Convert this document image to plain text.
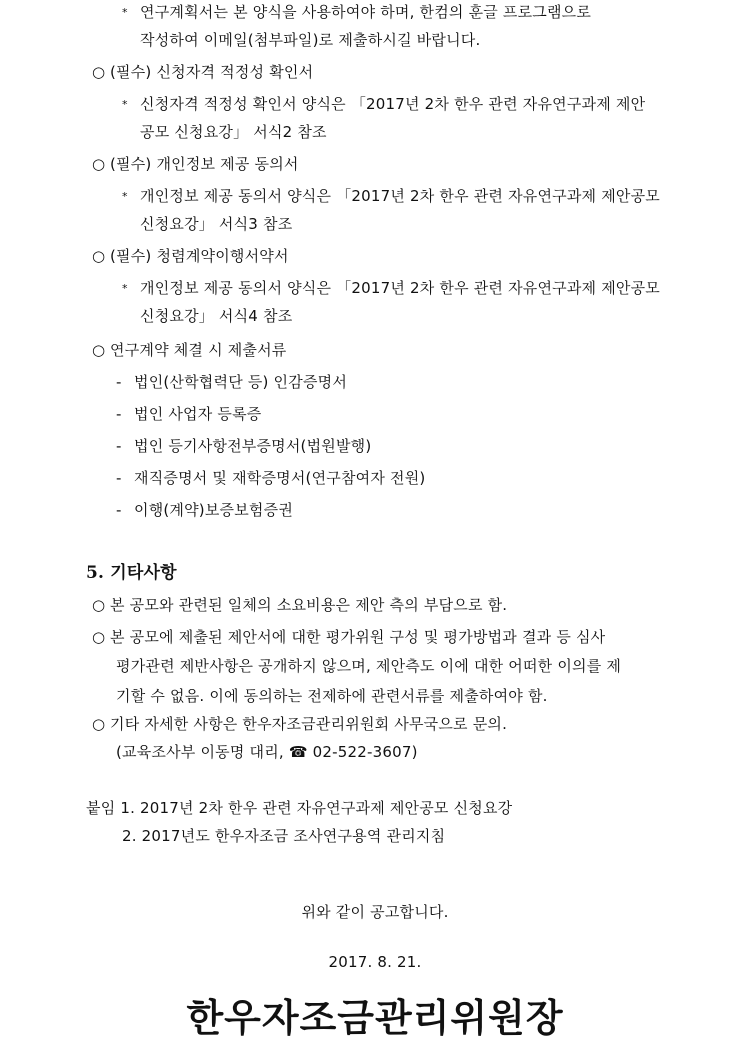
* 연구계획서는 본 양식을 사용하여야 하며, 한컴의 훈글 프로그램으로
작성하여 이메일(첨부파일)로 제출하시길 바랍니다.
○ (필수) 신청자격 적정성 확인서
* 신청자격 적정성 확인서 양식은 「2017년 2차 한우 관련 자유연구과제 제안
공모 신청요강」 서식2 참조
○ (필수) 개인정보 제공 동의서
* 개인정보 제공 동의서 양식은 「2017년 2차 한우 관련 자유연구과제 제안공모
신청요강」 서식3 참조
○ (필수) 청렴계약이행서약서
* 개인정보 제공 동의서 양식은 「2017년 2차 한우 관련 자유연구과제 제안공모
신청요강」 서식4 참조
○ 연구계약 체결 시 제출서류
- 법인(산학협력단 등) 인감증명서
- 법인 사업자 등록증
- 법인 등기사항전부증명서(법원발행)
- 재직증명서 및 재학증명서(연구참여자 전원)
- 이행(계약)보증보험증권
5. 기타사항
○ 본 공모와 관련된 일체의 소요비용은 제안 측의 부담으로 함.
○ 본 공모에 제출된 제안서에 대한 평가위원 구성 및 평가방법과 결과 등 심사
평가관련 제반사항은 공개하지 않으며, 제안측도 이에 대한 어떠한 이의를 제
기할 수 없음. 이에 동의하는 전제하에 관련서류를 제출하여야 함.
○ 기타 자세한 사항은 한우자조금관리위원회 사무국으로 문의.
(교육조사부 이동명 대리, ☎ 02-522-3607)
붙임 1. 2017년 2차 한우 관련 자유연구과제 제안공모 신청요강
2. 2017년도 한우자조금 조사연구용역 관리지침
위와 같이 공고합니다.
2017. 8. 21.
한우자조금관리위원장
